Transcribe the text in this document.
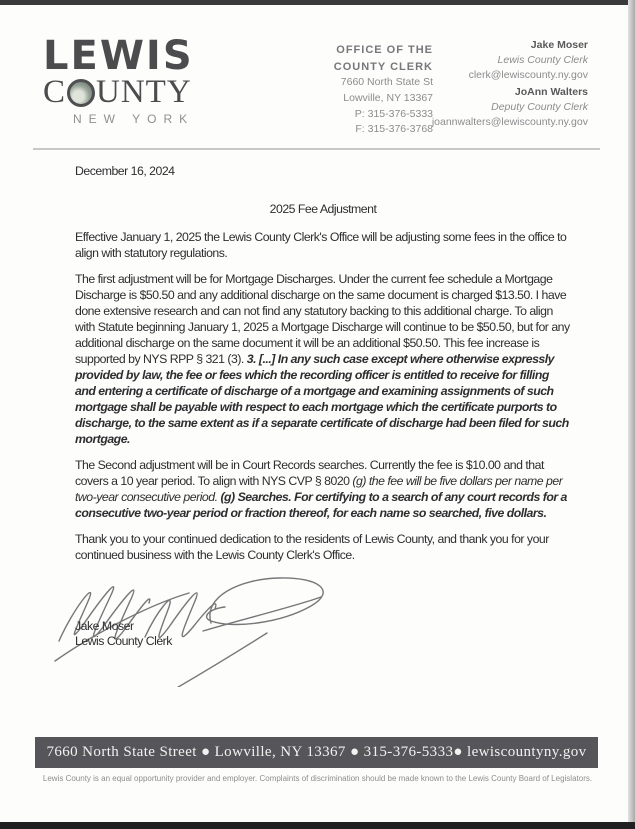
LEWIS
C UNTY
NEW YORK
OFFICE OF THE
COUNTY CLERK
7660 North State St
Lowville, NY 13367
P: 315-376-5333
F: 315-376-3768
Jake Moser
Lewis County Clerk
clerk@lewiscounty.ny.gov
JoAnn Walters
Deputy County Clerk
joannwalters@lewiscounty.ny.gov
December 16, 2024
2025 Fee Adjustment

Effective January 1, 2025 the Lewis County Clerk's Office will be adjusting some fees in the office to align with statutory regulations.

The first adjustment will be for Mortgage Discharges. Under the current fee schedule a Mortgage Discharge is $50.50 and any additional discharge on the same document is charged $13.50. I have done extensive research and can not find any statutory backing to this additional charge. To align with Statute beginning January 1, 2025 a Mortgage Discharge will continue to be $50.50, but for any additional discharge on the same document it will be an additional $50.50. This fee increase is supported by NYS RPP § 321 (3). 3. [...] In any such case except where otherwise expressly provided by law, the fee or fees which the recording officer is entitled to receive for filling and entering a certificate of discharge of a mortgage and examining assignments of such mortgage shall be payable with respect to each mortgage which the certificate purports to discharge, to the same extent as if a separate certificate of discharge had been filed for such mortgage.

The Second adjustment will be in Court Records searches. Currently the fee is $10.00 and that covers a 10 year period. To align with NYS CVP § 8020 (g) the fee will be five dollars per name per two-year consecutive period. (g) Searches. For certifying to a search of any court records for a consecutive two-year period or fraction thereof, for each name so searched, five dollars.

Thank you to your continued dedication to the residents of Lewis County, and thank you for your continued business with the Lewis County Clerk's Office.

Jake Moser
Lewis County Clerk
7660 North State Street ● Lowville, NY 13367 ● 315-376-5333● lewiscountyny.gov
Lewis County is an equal opportunity provider and employer. Complaints of discrimination should be made known to the Lewis County Board of Legislators.
